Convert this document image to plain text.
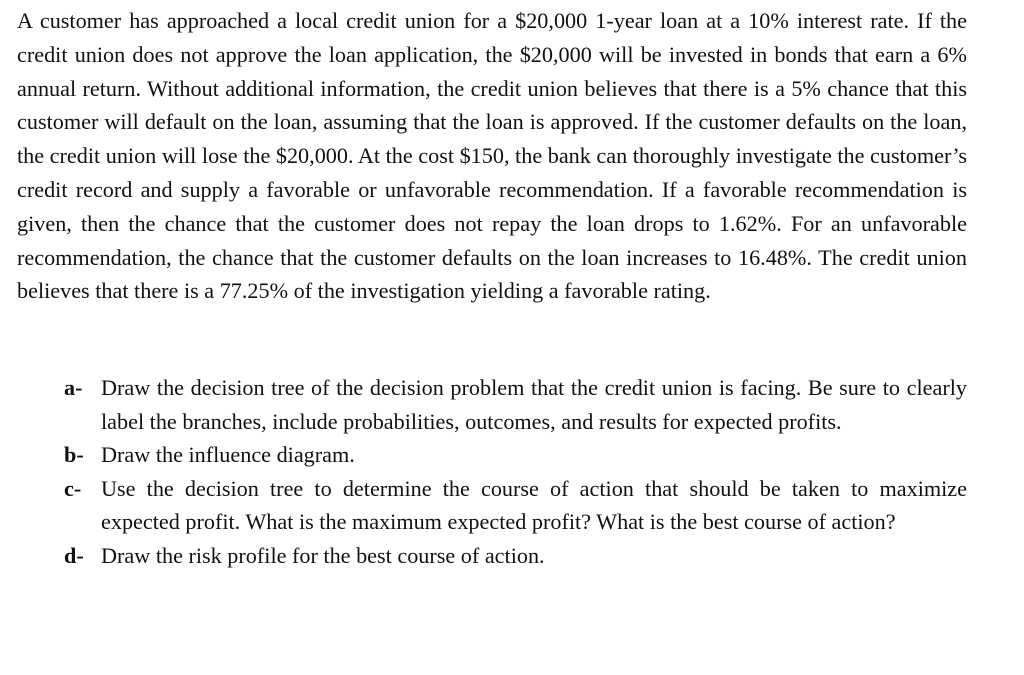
A customer has approached a local credit union for a $20,000 1-year loan at a 10% interest rate. If the credit union does not approve the loan application, the $20,000 will be invested in bonds that earn a 6% annual return. Without additional information, the credit union believes that there is a 5% chance that this customer will default on the loan, assuming that the loan is approved. If the customer defaults on the loan, the credit union will lose the $20,000. At the cost $150, the bank can thoroughly investigate the customer’s credit record and supply a favorable or unfavorable recommendation. If a favorable recommendation is given, then the chance that the customer does not repay the loan drops to 1.62%. For an unfavorable recommendation, the chance that the customer defaults on the loan increases to 16.48%. The credit union believes that there is a 77.25% of the investigation yielding a favorable rating.

a- Draw the decision tree of the decision problem that the credit union is facing. Be sure to clearly label the branches, include probabilities, outcomes, and results for expected profits.
b- Draw the influence diagram.
c- Use the decision tree to determine the course of action that should be taken to maximize expected profit. What is the maximum expected profit? What is the best course of action?
d- Draw the risk profile for the best course of action.
